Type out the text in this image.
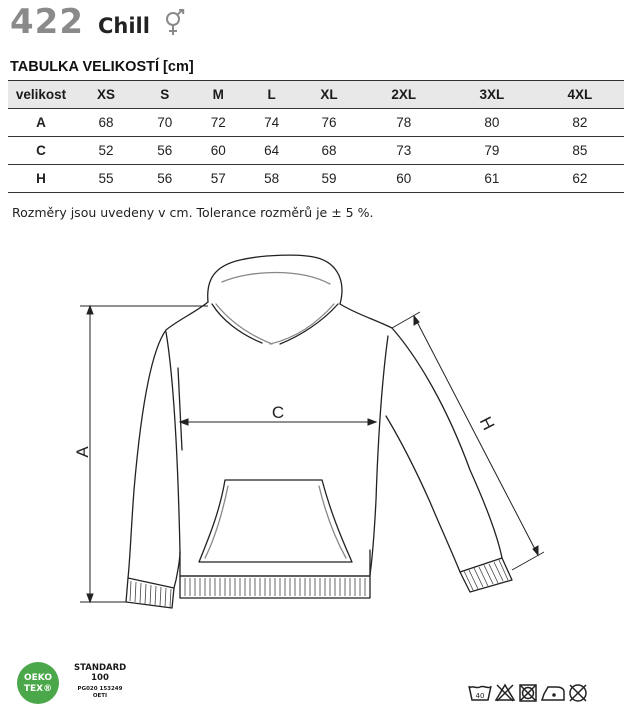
422 Chill
TABULKA VELIKOSTÍ [cm]
velikost	XS	S	M	L	XL	2XL	3XL	4XL
A	68	70	72	74	76	78	80	82
C	52	56	60	64	68	73	79	85
H	55	56	57	58	59	60	61	62
Rozměry jsou uvedeny v cm. Tolerance rozměrů je ± 5 %.
A
C
H
OEKO
TEX®
STANDARD
100
PG020 153249
OETI	40
